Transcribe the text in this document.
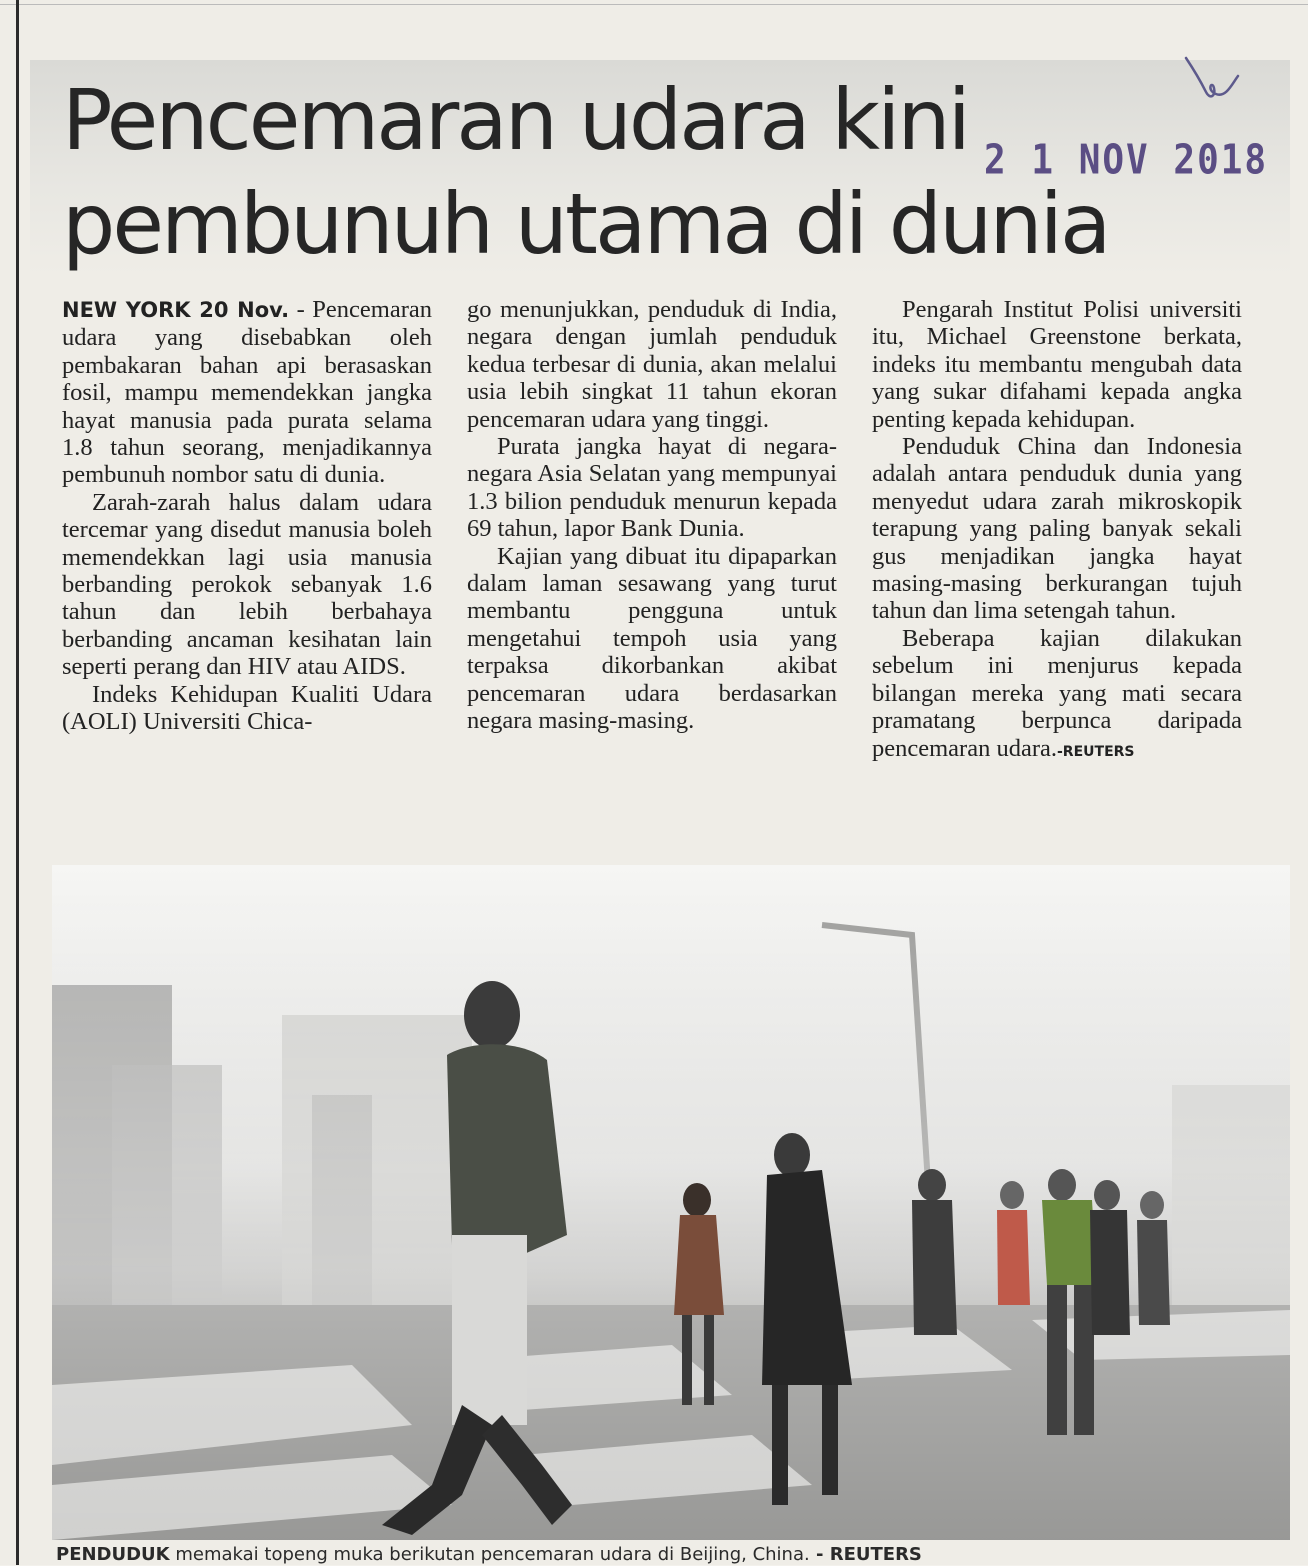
Pencemaran udara kini
pembunuh utama di dunia
2 1 NOV 2018

NEW YORK 20 Nov. - Pencemaran udara yang disebabkan oleh pembakaran bahan api berasaskan fosil, mampu memendekkan jangka hayat manusia pada purata selama 1.8 tahun seorang, menjadikannya pembunuh nombor satu di dunia.

Zarah-zarah halus dalam udara tercemar yang disedut manusia boleh memendekkan lagi usia manusia berbanding perokok sebanyak 1.6 tahun dan lebih berbahaya berbanding ancaman kesihatan lain seperti perang dan HIV atau AIDS.

Indeks Kehidupan Kualiti Udara (AOLI) Universiti Chica-

go menunjukkan, penduduk di India, negara dengan jumlah penduduk kedua terbesar di dunia, akan melalui usia lebih singkat 11 tahun ekoran pencemaran udara yang tinggi.

Purata jangka hayat di negara-negara Asia Selatan yang mempunyai 1.3 bilion penduduk menurun kepada 69 tahun, lapor Bank Dunia.

Kajian yang dibuat itu dipaparkan dalam laman sesawang yang turut membantu pengguna untuk mengetahui tempoh usia yang terpaksa dikorbankan akibat pencemaran udara berdasarkan negara masing-masing.

Pengarah Institut Polisi universiti itu, Michael Greenstone berkata, indeks itu membantu mengubah data yang sukar difahami kepada angka penting kepada kehidupan.

Penduduk China dan Indonesia adalah antara penduduk dunia yang menyedut udara zarah mikroskopik terapung yang paling banyak sekali gus menjadikan jangka hayat masing-masing berkurangan tujuh tahun dan lima setengah tahun.

Beberapa kajian dilakukan sebelum ini menjurus kepada bilangan mereka yang mati secara pramatang berpunca daripada pencemaran udara.-REUTERS

PENDUDUK memakai topeng muka berikutan pencemaran udara di Beijing, China. - REUTERS
